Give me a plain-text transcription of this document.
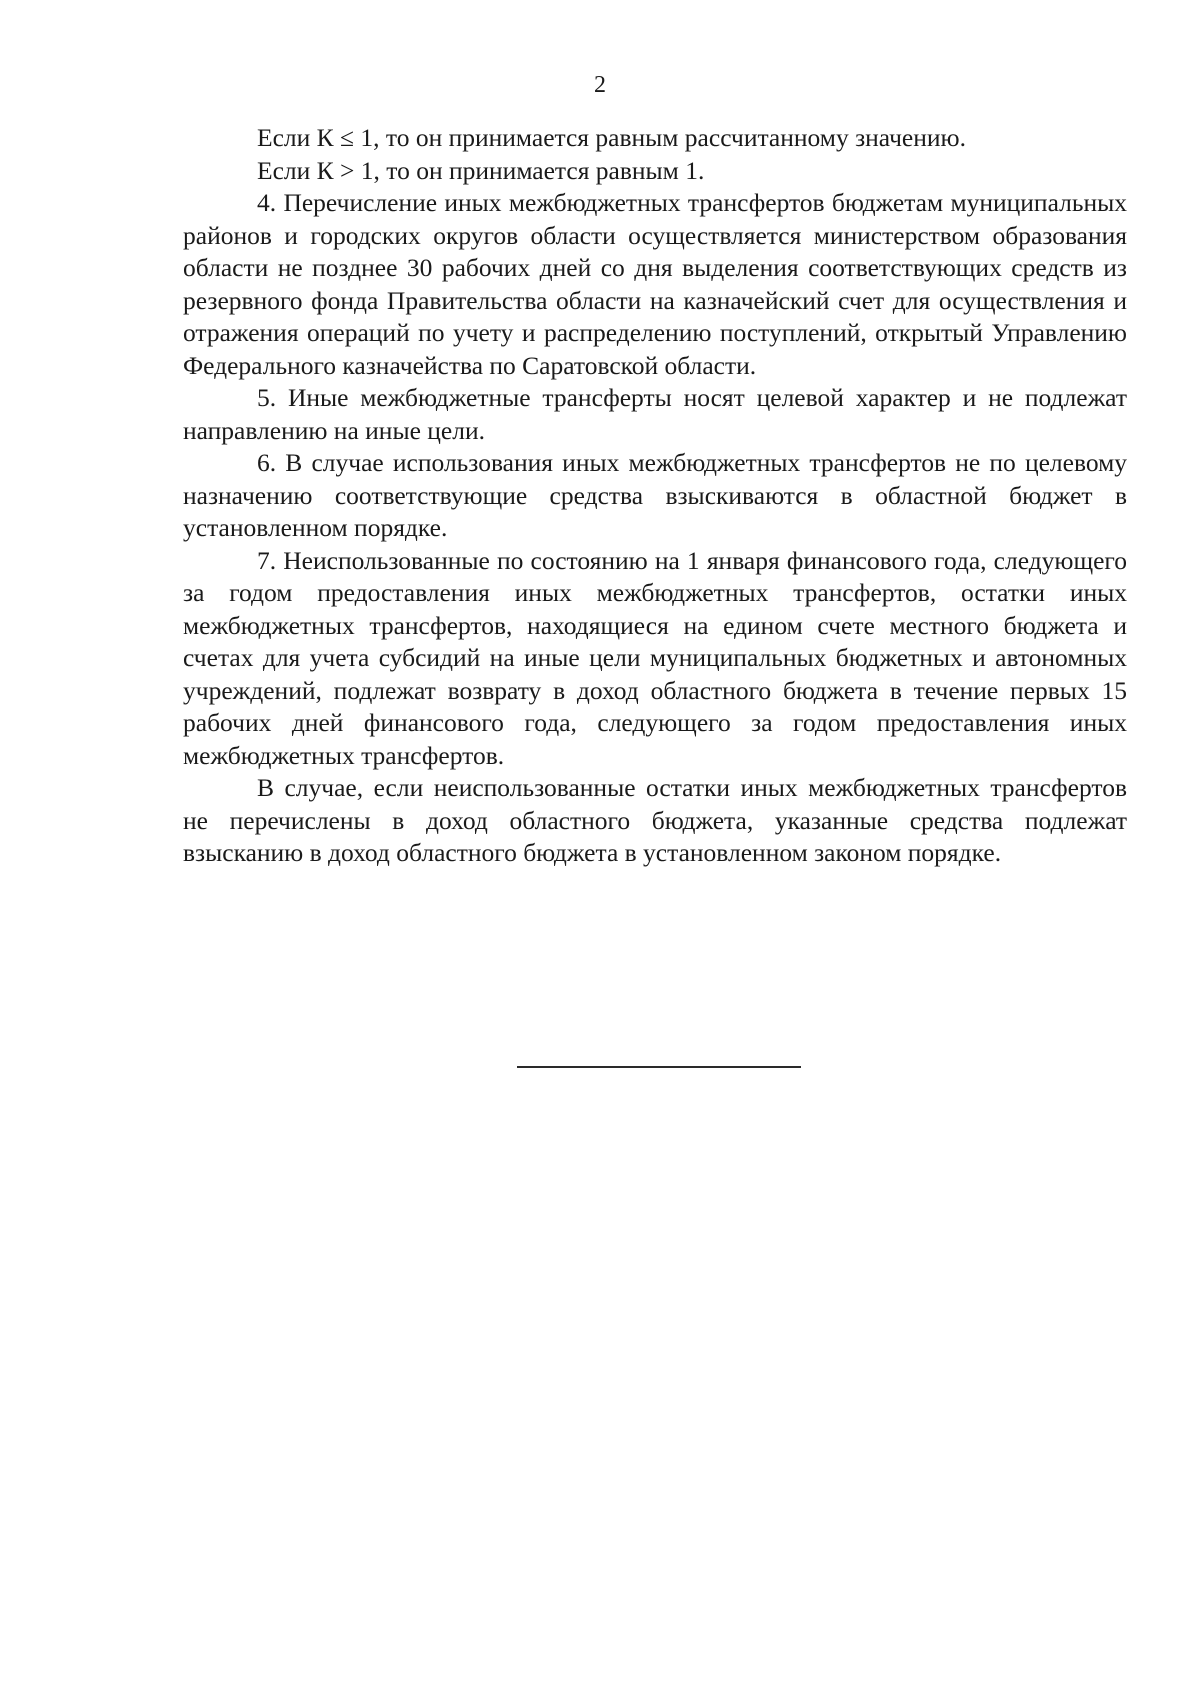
2

Если К ≤ 1, то он принимается равным рассчитанному значению.

Если К > 1, то он принимается равным 1.

4. Перечисление иных межбюджетных трансфертов бюджетам муниципальных районов и городских округов области осуществляется министерством образования области не позднее 30 рабочих дней со дня выделения соответствующих средств из резервного фонда Правительства области на казначейский счет для осуществления и отражения операций по учету и распределению поступлений, открытый Управлению Федерального казначейства по Саратовской области.

5. Иные межбюджетные трансферты носят целевой характер и не подлежат направлению на иные цели.

6. В случае использования иных межбюджетных трансфертов не по целевому назначению соответствующие средства взыскиваются в областной бюджет в установленном порядке.

7. Неиспользованные по состоянию на 1 января финансового года, следующего за годом предоставления иных межбюджетных трансфертов, остатки иных межбюджетных трансфертов, находящиеся на едином счете местного бюджета и счетах для учета субсидий на иные цели муниципальных бюджетных и автономных учреждений, подлежат возврату в доход областного бюджета в течение первых 15 рабочих дней финансового года, следующего за годом предоставления иных межбюджетных трансфертов.

В случае, если неиспользованные остатки иных межбюджетных трансфертов не перечислены в доход областного бюджета, указанные средства подлежат взысканию в доход областного бюджета в установленном законом порядке.
